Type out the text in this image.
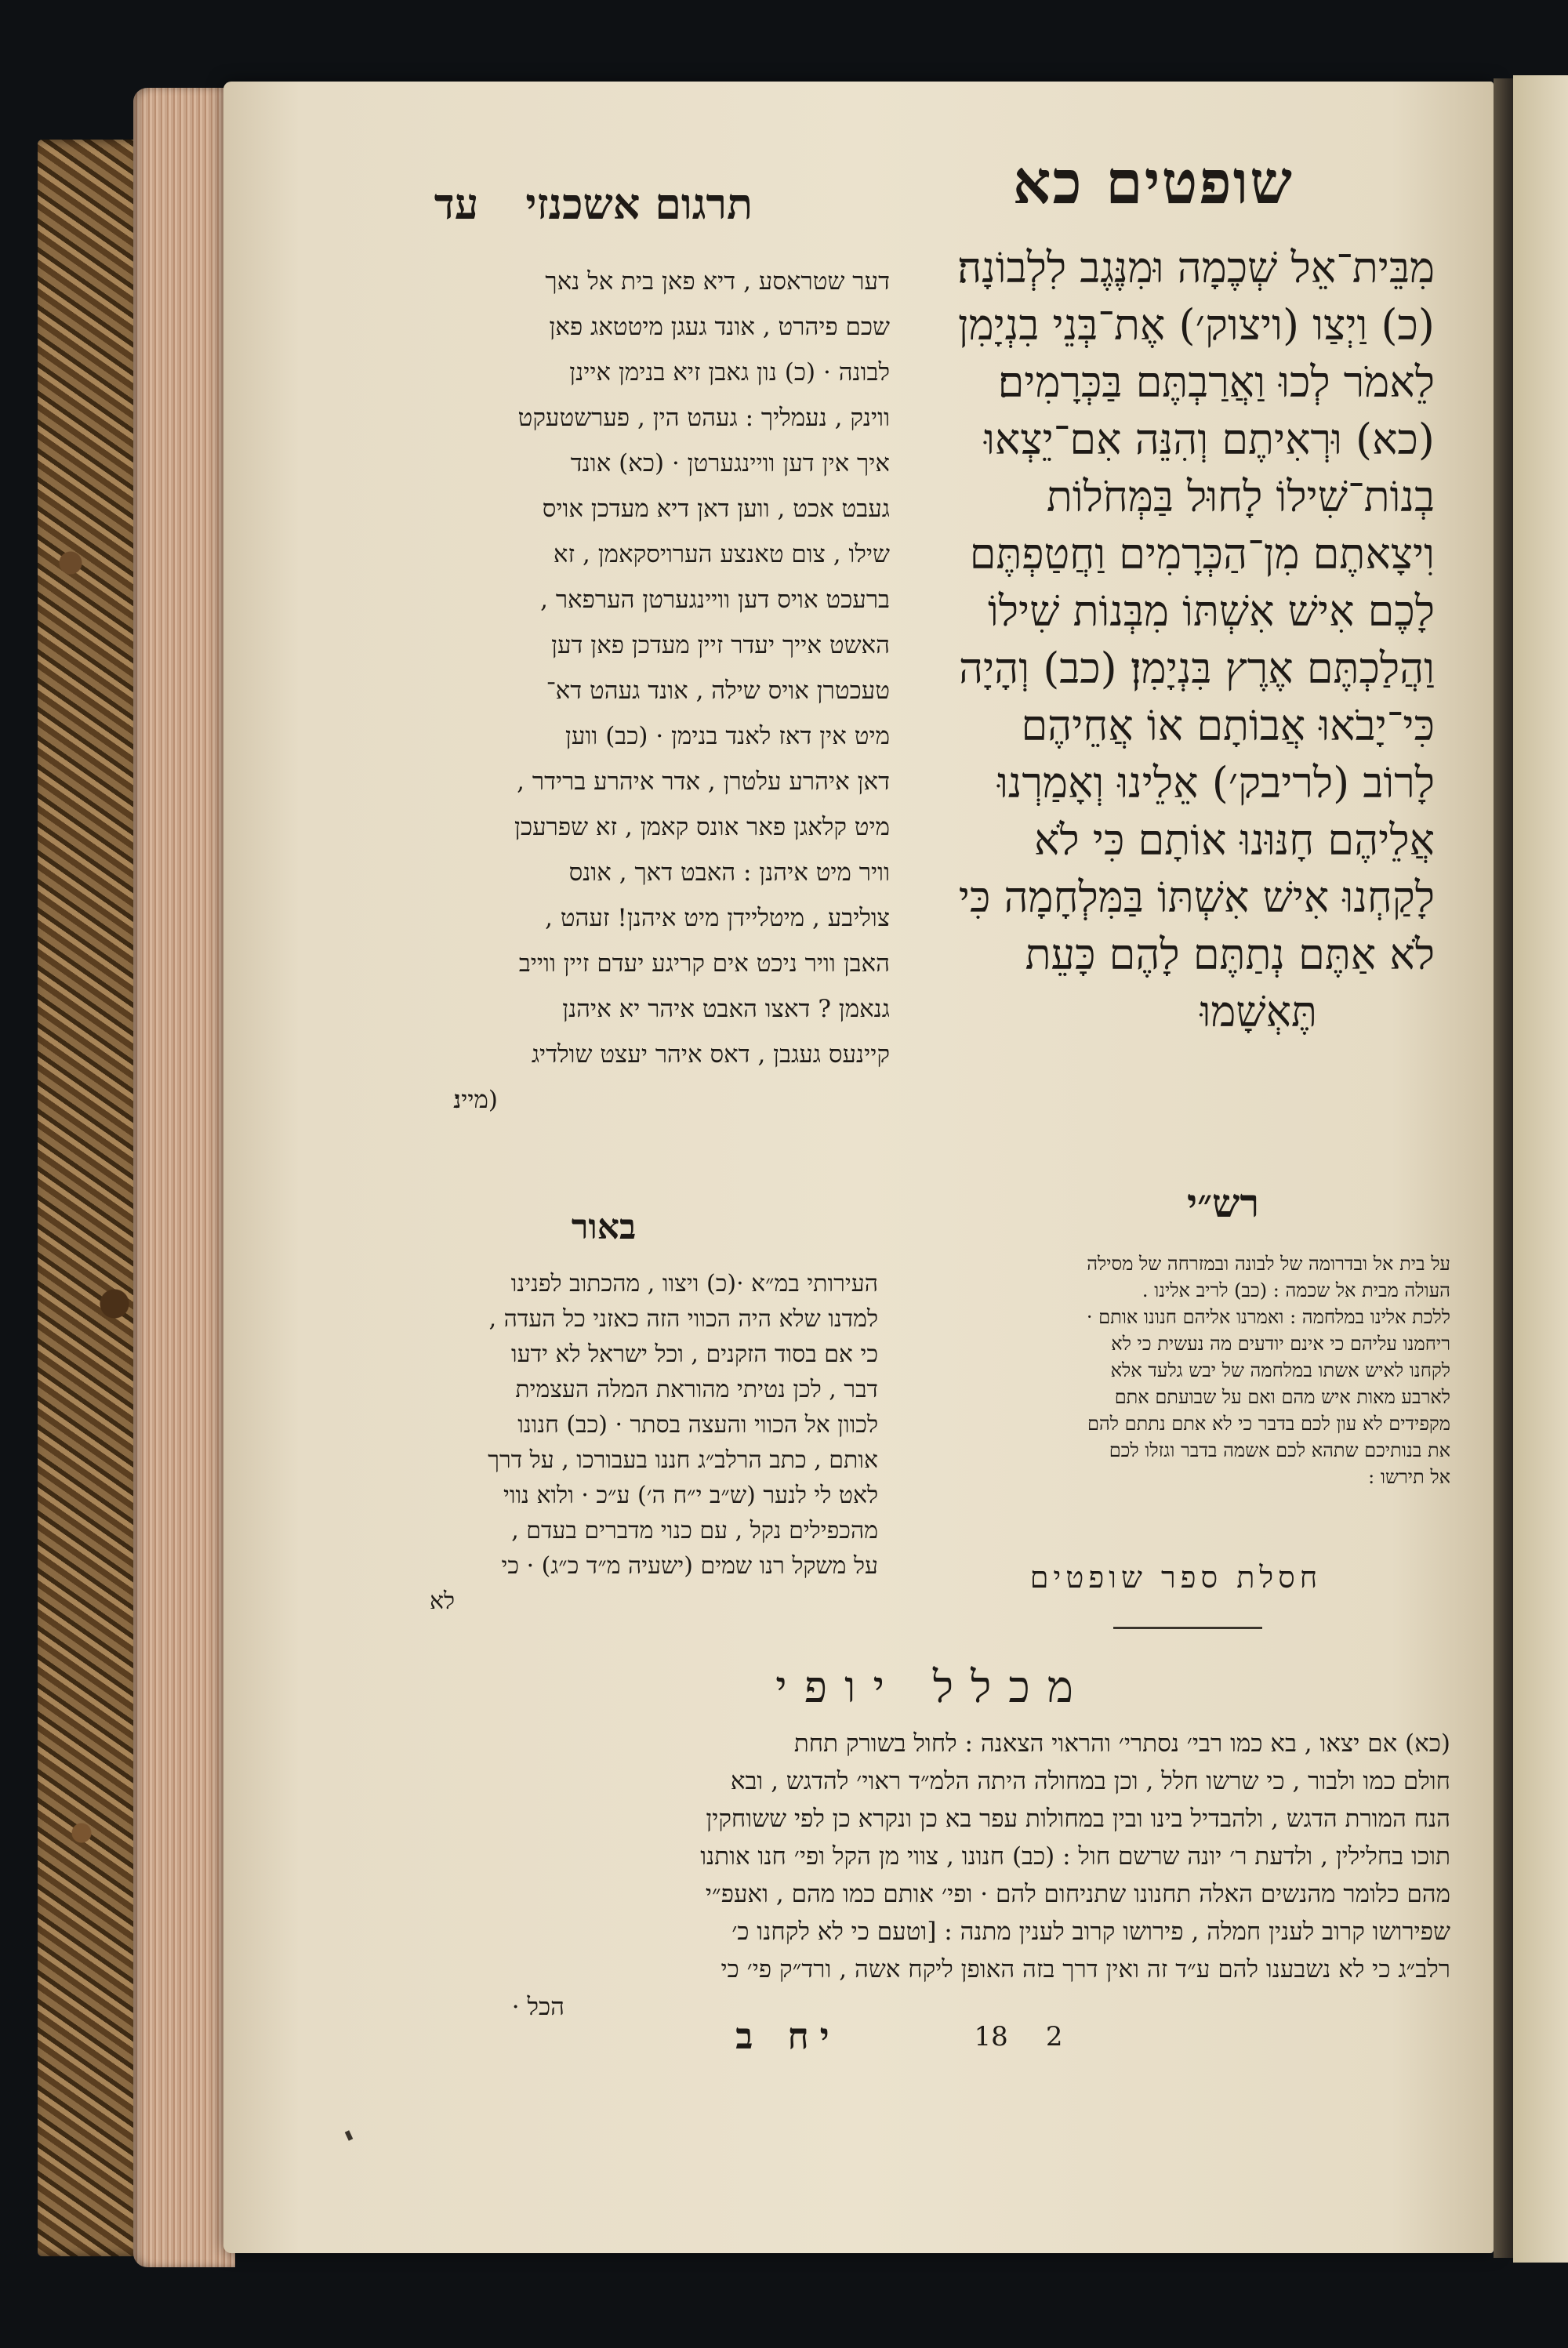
שופטים כא
תרגום אשכנזיעד
מִבֵּית־אֵל שְׁכֶמָה וּמִנֶּגֶב לִלְבוֹנָה׃
(כ) וַיְצַו (ויצוק׳) אֶת־בְּנֵי בִנְיָמִן
לֵאמֹר לְכוּ וַאֲרַבְתֶּם בַּכְּרָמִים׃
(כא) וּרְאִיתֶם וְהִנֵּה אִם־יֵצְאוּ
בְנוֹת־שִׁילוֹ לָחוּל בַּמְּחֹלוֹת
וִיצָאתֶם מִן־הַכְּרָמִים וַחֲטַפְתֶּם
לָכֶם אִישׁ אִשְׁתּוֹ מִבְּנוֹת שִׁילוֹ
וַהֲלַכְתֶּם אֶרֶץ בִּנְיָמִן׃ (כב) וְהָיָה
כִּי־יָבֹאוּ אֲבוֹתָם אוֹ אֲחֵיהֶם
לָרוֹב (לריבק׳) אֵלֵינוּ וְאָמַרְנוּ
אֲלֵיהֶם חָנּוּנוּ אוֹתָם כִּי לֹא
לָקַחְנוּ אִישׁ אִשְׁתּוֹ בַּמִּלְחָמָה כִּי
לֹא אַתֶּם נְתַתֶּם לָהֶם כָּעֵת
תֶּאְשָׁמוּ
דער שטראסע , דיא פאן בית אל נאך
שכם פיהרט , אונד געגן מיטטאג פאן
לבונה · (כ) נון גאבן זיא בנימן איינן
ווינק , נעמליך : געהט הין , פערשטעקט
איך אין דען וויינגערטן · (כא) אונד
געבט אכט , ווען דאן דיא מעדכן אויס
שילו , צום טאנצע הערויסקאמן , זא
ברעכט אויס דען וויינגערטן הערפאר ,
האשט אייך יעדר זיין מעדכן פאן דען
טעכטרן אויס שילה , אונד געהט דא־
מיט אין דאז לאנד בנימן · (כב) ווען
דאן איהרע עלטרן , אדר איהרע ברידר ,
מיט קלאגן פאר אונס קאמן , זא שפרעכן
וויר מיט איהנן : האבט דאך , אונס
צוליבע , מיטליידן מיט איהנן! זעהט ,
האבן וויר ניכט אים קריגע יעדם זיין ווייב
גנאמן ? דאצו האבט איהר יא איהנן
קיינעס געגבן , דאס איהר יעצט שולדיג
(מיינ׃
רש״י
על בית אל ובדרומה של לבונה ובמזרחה של מסילה
העולה מבית אל שכמה : (כב) לריב אלינו .
ללכת אלינו במלחמה : ואמרנו אליהם חנונו אותם ·
ריחמנו עליהם כי אינם יודעים מה נעשית כי לא
לקחנו לאיש אשתו במלחמה של יבש גלעד אלא
לארבע מאות איש מהם ואם על שבועתם אתם
מקפידים לא עון לכם בדבר כי לא אתם נתתם להם
את בנותיכם שתהא לכם אשמה בדבר וגזלו לכם
אל תירשו :
חסלת ספר שופטים
באור
העירותי במ״א ·(כ) ויצוו , מהכתוב לפנינו
למדנו שלא היה הכווי הזה כאזני כל העדה ,
כי אם בסוד הזקנים , וכל ישראל לא ידעו
דבר , לכן נטיתי מהוראת המלה העצמית
לכוון אל הכווי והעצה בסתר · (כב) חנונו
אותם , כתב הרלב״ג חננו בעבורכו , על דרך
לאט לי לנער (ש״ב י״ח ה׳) ע״כ · ולוא נווי
מהכפילים נקל , עם כנוי מדברים בעדם ,
על משקל רנו שמים (ישעיה מ״ד כ״ג) · כי
לא
מכלל יופי
(כא) אם יצאו , בא כמו רבי׳ נסתרי׳ והראוי הצאנה : לחול בשורק תחת
חולם כמו ולבור , כי שרשו חלל , וכן במחולה היתה הלמ״ד ראוי׳ להדגש , ובא
הנח המורת הדגש , ולהבדיל בינו ובין במחולות עפר בא כן ונקרא כן לפי ששוחקין
תוכו בחלילין , ולדעת ר׳ יונה שרשם חול : (כב) חנונו , צווי מן הקל ופי׳ חנו אותנו
מהם כלומר מהנשים האלה תחנונו שתניחום להם · ופי׳ אותם כמו מהם , ואעפ״י
שפירושו קרוב לענין חמלה , פירושו קרוב לענין מתנה : [וטעם כי לא לקחנו כ׳
רלב״ג כי לא נשבענו להם ע״ד זה ואין דרך בזה האופן ליקח אשה , ורד״ק פי׳ כי
הכל ·
יח ב	18 2
